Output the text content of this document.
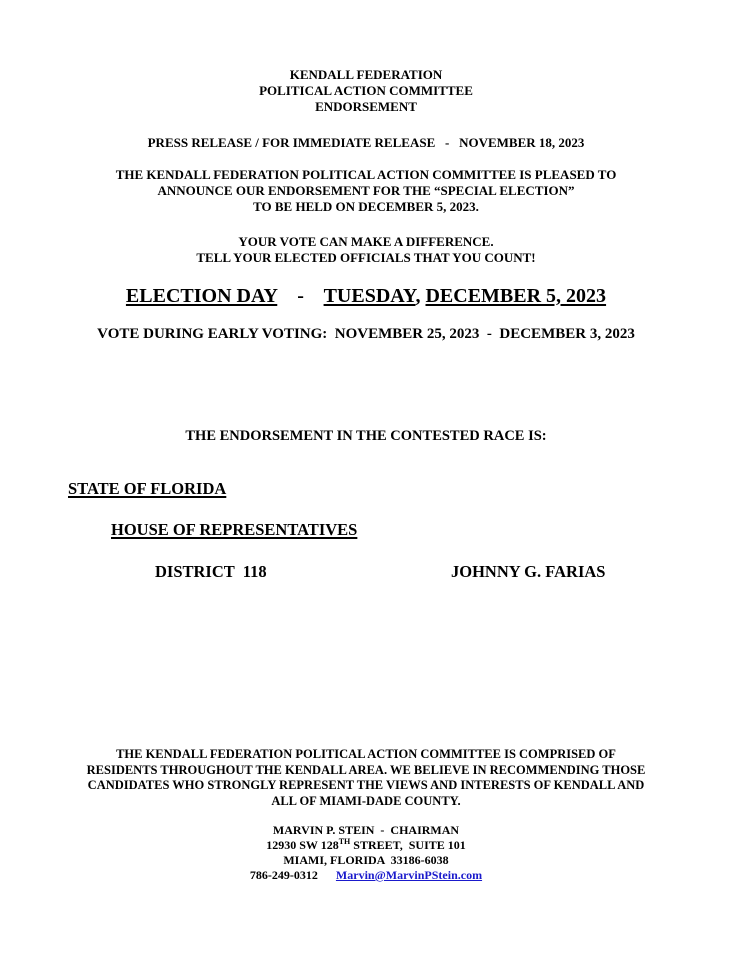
KENDALL FEDERATION
POLITICAL ACTION COMMITTEE
ENDORSEMENT
PRESS RELEASE / FOR IMMEDIATE RELEASE - NOVEMBER 18, 2023
THE KENDALL FEDERATION POLITICAL ACTION COMMITTEE IS PLEASED TO
ANNOUNCE OUR ENDORSEMENT FOR THE “SPECIAL ELECTION”
TO BE HELD ON DECEMBER 5, 2023.
YOUR VOTE CAN MAKE A DIFFERENCE.
TELL YOUR ELECTED OFFICIALS THAT YOU COUNT!
ELECTION DAY - TUESDAY, DECEMBER 5, 2023
VOTE DURING EARLY VOTING: NOVEMBER 25, 2023 - DECEMBER 3, 2023
THE ENDORSEMENT IN THE CONTESTED RACE IS:
STATE OF FLORIDA
HOUSE OF REPRESENTATIVES
DISTRICT  118	JOHNNY G. FARIAS
THE KENDALL FEDERATION POLITICAL ACTION COMMITTEE IS COMPRISED OF
RESIDENTS THROUGHOUT THE KENDALL AREA. WE BELIEVE IN RECOMMENDING THOSE
CANDIDATES WHO STRONGLY REPRESENT THE VIEWS AND INTERESTS OF KENDALL AND
ALL OF MIAMI-DADE COUNTY.
MARVIN P. STEIN  -  CHAIRMAN
12930 SW 128TH STREET,  SUITE 101
MIAMI, FLORIDA  33186-6038
786-249-0312 Marvin@MarvinPStein.com
